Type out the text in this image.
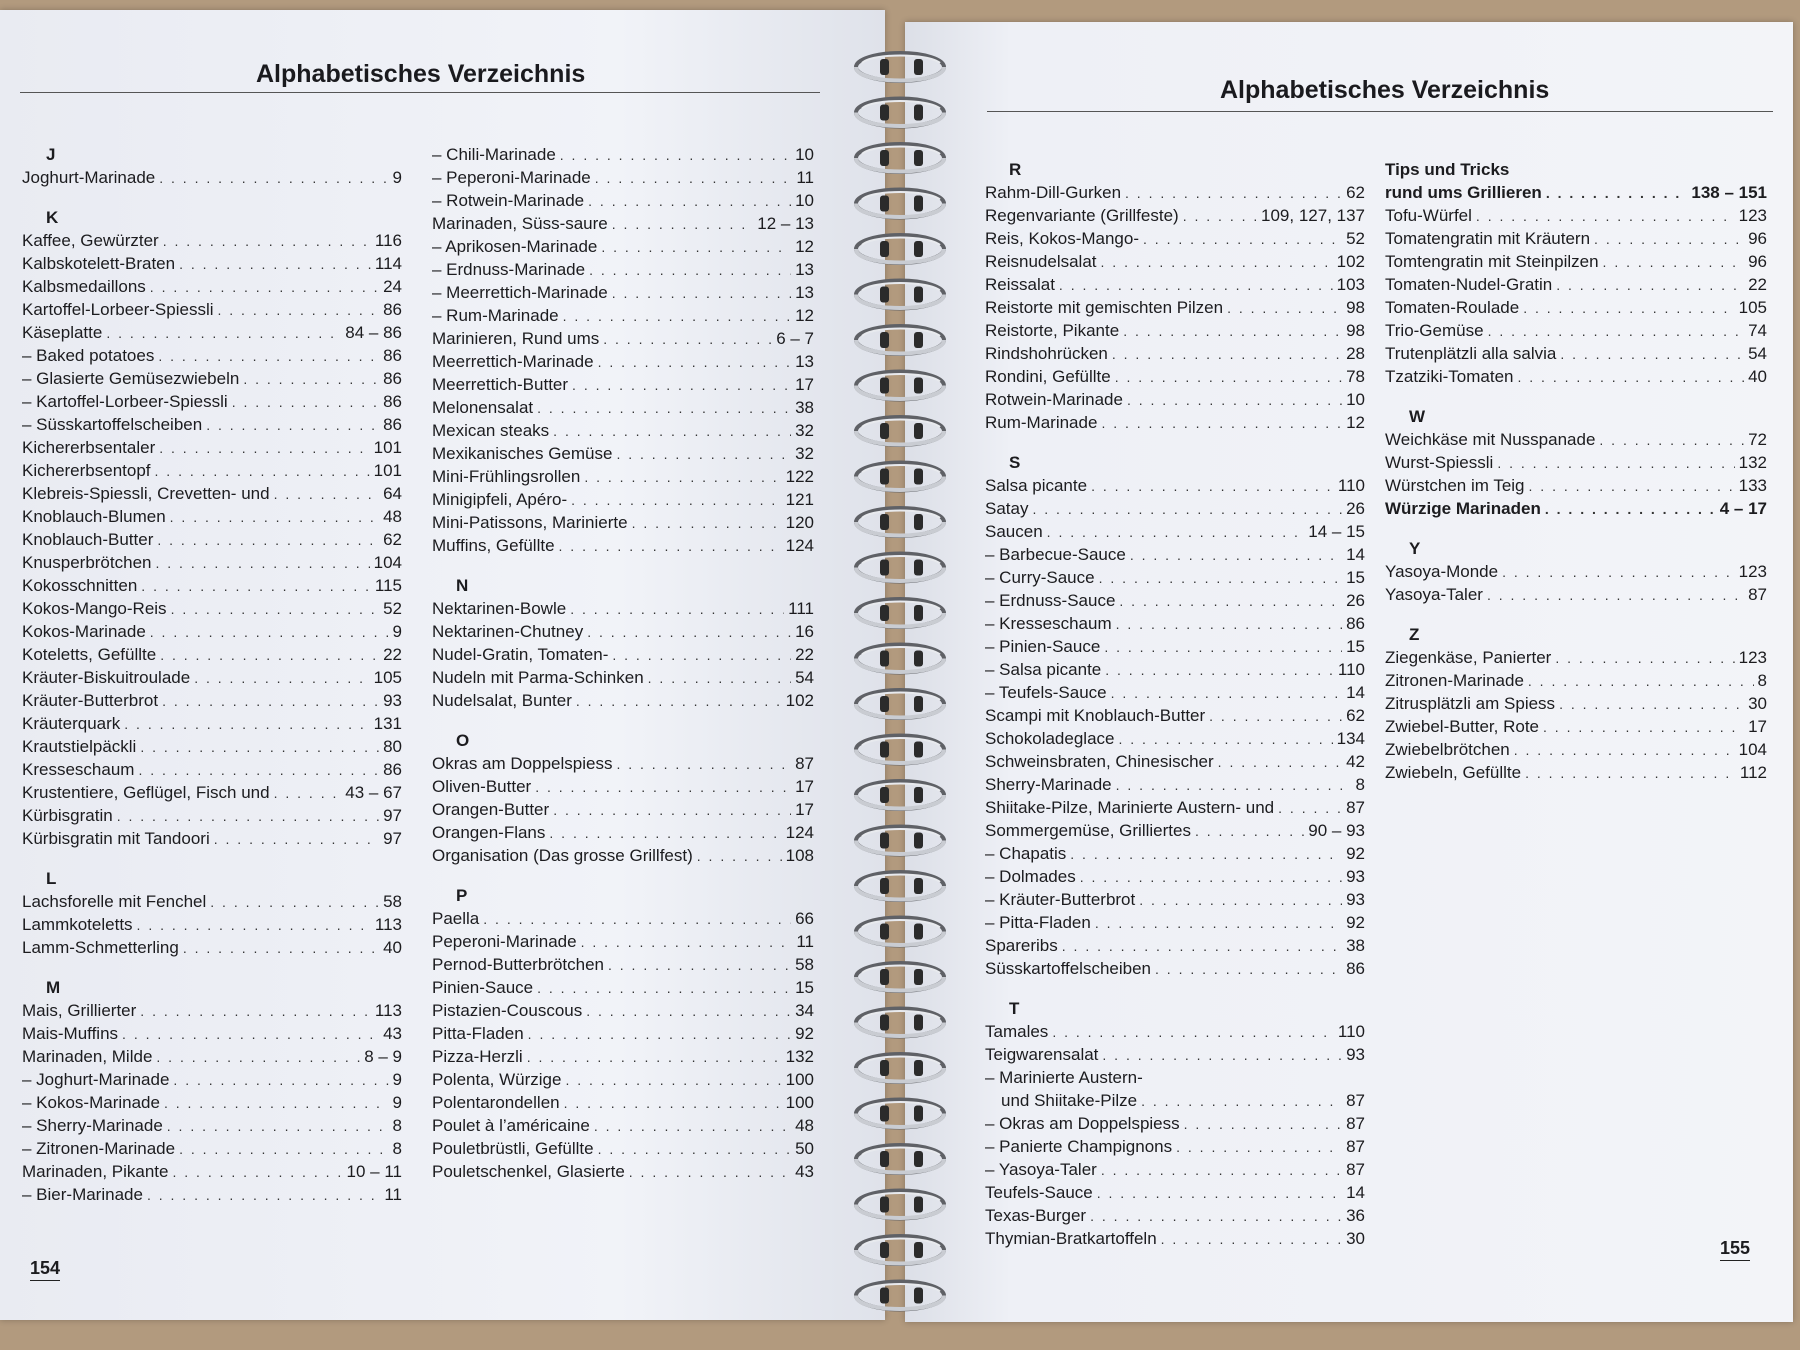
Alphabetisches Verzeichnis
J
Joghurt-Marinade . . .	9
K
Kaffee, Gewürzter . . .	116
Kalbskotelett-Braten . . .	114
Kalbsmedaillons . . .	24
Kartoffel-Lorbeer-Spiessli . . .	86
Käseplatte . . .	84 – 86
– Baked potatoes . . .	86
– Glasierte Gemüsezwiebeln . . .	86
– Kartoffel-Lorbeer-Spiessli . . .	86
– Süsskartoffelscheiben . . .	86
Kichererbsentaler . . .	101
Kichererbsentopf . . .	101
Klebreis-Spiessli, Crevetten- und . . .	64
Knoblauch-Blumen . . .	48
Knoblauch-Butter . . .	62
Knusperbrötchen . . .	104
Kokosschnitten . . .	115
Kokos-Mango-Reis . . .	52
Kokos-Marinade . . .	9
Koteletts, Gefüllte . . .	22
Kräuter-Biskuitroulade . . .	105
Kräuter-Butterbrot . . .	93
Kräuterquark . . .	131
Krautstielpäckli . . .	80
Kresseschaum . . .	86
Krustentiere, Geflügel, Fisch und . . .	43 – 67
Kürbisgratin . . .	97
Kürbisgratin mit Tandoori . . .	97
L
Lachsforelle mit Fenchel . . .	58
Lammkoteletts . . .	113
Lamm-Schmetterling . . .	40
M
Mais, Grillierter . . .	113
Mais-Muffins . . .	43
Marinaden, Milde . . .	8 – 9
– Joghurt-Marinade . . .	9
– Kokos-Marinade . . .	9
– Sherry-Marinade . . .	8
– Zitronen-Marinade . . .	8
Marinaden, Pikante . . .	10 – 11
– Bier-Marinade . . .	11
– Chili-Marinade . . .	10
– Peperoni-Marinade . . .	11
– Rotwein-Marinade . . .	10
Marinaden, Süss-saure . . .	12 – 13
– Aprikosen-Marinade . . .	12
– Erdnuss-Marinade . . .	13
– Meerrettich-Marinade . . .	13
– Rum-Marinade . . .	12
Marinieren, Rund ums . . .	6 – 7
Meerrettich-Marinade . . .	13
Meerrettich-Butter . . .	17
Melonensalat . . .	38
Mexican steaks . . .	32
Mexikanisches Gemüse . . .	32
Mini-Frühlingsrollen . . .	122
Minigipfeli, Apéro- . . .	121
Mini-Patissons, Marinierte . . .	120
Muffins, Gefüllte . . .	124
N
Nektarinen-Bowle . . .	111
Nektarinen-Chutney . . .	16
Nudel-Gratin, Tomaten- . . .	22
Nudeln mit Parma-Schinken . . .	54
Nudelsalat, Bunter . . .	102
O
Okras am Doppelspiess . . .	87
Oliven-Butter . . .	17
Orangen-Butter . . .	17
Orangen-Flans . . .	124
Organisation (Das grosse Grillfest) . . .	108
P
Paella . . .	66
Peperoni-Marinade . . .	11
Pernod-Butterbrötchen . . .	58
Pinien-Sauce . . .	15
Pistazien-Couscous . . .	34
Pitta-Fladen . . .	92
Pizza-Herzli . . .	132
Polenta, Würzige . . .	100
Polentarondellen . . .	100
Poulet à l’américaine . . .	48
Pouletbrüstli, Gefüllte . . .	50
Pouletschenkel, Glasierte . . .	43
154
Alphabetisches Verzeichnis
R
Rahm-Dill-Gurken . . .	62
Regenvariante (Grillfeste) . . .	109, 127, 137
Reis, Kokos-Mango- . . .	52
Reisnudelsalat . . .	102
Reissalat . . .	103
Reistorte mit gemischten Pilzen . . .	98
Reistorte, Pikante . . .	98
Rindshohrücken . . .	28
Rondini, Gefüllte . . .	78
Rotwein-Marinade . . .	10
Rum-Marinade . . .	12
S
Salsa picante . . .	110
Satay . . .	26
Saucen . . .	14 – 15
– Barbecue-Sauce . . .	14
– Curry-Sauce . . .	15
– Erdnuss-Sauce . . .	26
– Kresseschaum . . .	86
– Pinien-Sauce . . .	15
– Salsa picante . . .	110
– Teufels-Sauce . . .	14
Scampi mit Knoblauch-Butter . . .	62
Schokoladeglace . . .	134
Schweinsbraten, Chinesischer . . .	42
Sherry-Marinade . . .	8
Shiitake-Pilze, Marinierte Austern- und . . .	87
Sommergemüse, Grilliertes . . .	90 – 93
– Chapatis . . .	92
– Dolmades . . .	93
– Kräuter-Butterbrot . . .	93
– Pitta-Fladen . . .	92
Spareribs . . .	38
Süsskartoffelscheiben . . .	86
T
Tamales . . .	110
Teigwarensalat . . .	93
– Marinierte Austern-
und Shiitake-Pilze . . .	87
– Okras am Doppelspiess . . .	87
– Panierte Champignons . . .	87
– Yasoya-Taler . . .	87
Teufels-Sauce . . .	14
Texas-Burger . . .	36
Thymian-Bratkartoffeln . . .	30
Tips und Tricks
rund ums Grillieren . . .	138 – 151
Tofu-Würfel . . .	123
Tomatengratin mit Kräutern . . .	96
Tomtengratin mit Steinpilzen . . .	96
Tomaten-Nudel-Gratin . . .	22
Tomaten-Roulade . . .	105
Trio-Gemüse . . .	74
Trutenplätzli alla salvia . . .	54
Tzatziki-Tomaten . . .	40
W
Weichkäse mit Nusspanade . . .	72
Wurst-Spiessli . . .	132
Würstchen im Teig . . .	133
Würzige Marinaden . . .	4 – 17
Y
Yasoya-Monde . . .	123
Yasoya-Taler . . .	87
Z
Ziegenkäse, Panierter . . .	123
Zitronen-Marinade . . .	8
Zitrusplätzli am Spiess . . .	30
Zwiebel-Butter, Rote . . .	17
Zwiebelbrötchen . . .	104
Zwiebeln, Gefüllte . . .	112
155
